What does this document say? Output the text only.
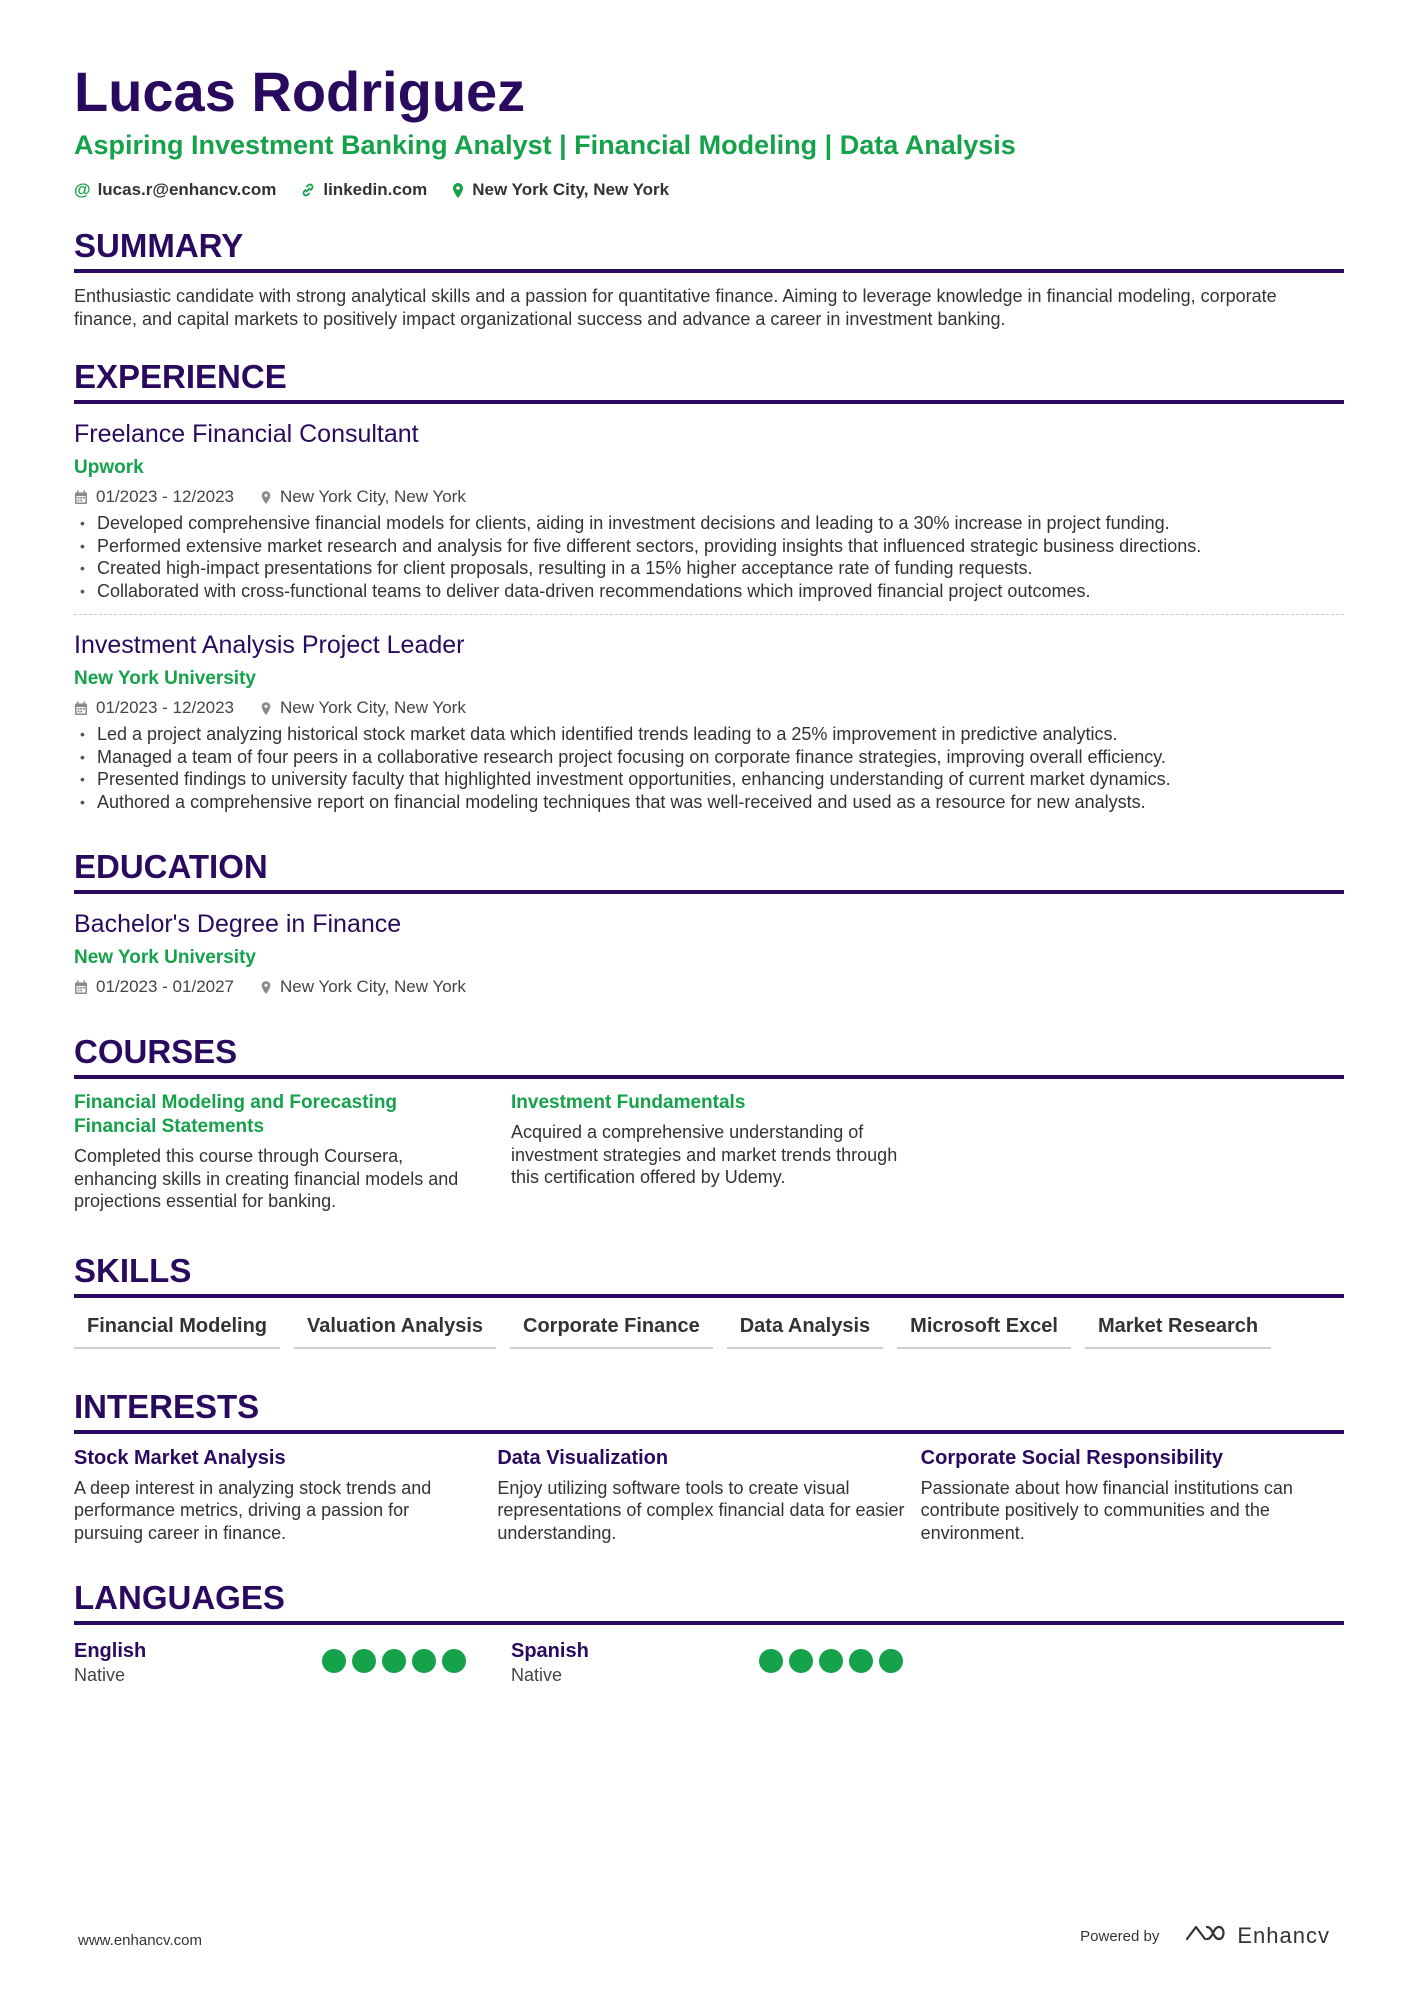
Lucas Rodriguez
Aspiring Investment Banking Analyst | Financial Modeling | Data Analysis
@ lucas.r@enhancv.com	linkedin.com	New York City, New York
SUMMARY
Enthusiastic candidate with strong analytical skills and a passion for quantitative finance. Aiming to leverage knowledge in financial modeling, corporate finance, and capital markets to positively impact organizational success and advance a career in investment banking.
EXPERIENCE
Freelance Financial Consultant
Upwork
01/2023 - 12/2023	New York City, New York
• Developed comprehensive financial models for clients, aiding in investment decisions and leading to a 30% increase in project funding.
• Performed extensive market research and analysis for five different sectors, providing insights that influenced strategic business directions.
• Created high-impact presentations for client proposals, resulting in a 15% higher acceptance rate of funding requests.
• Collaborated with cross-functional teams to deliver data-driven recommendations which improved financial project outcomes.
Investment Analysis Project Leader
New York University
01/2023 - 12/2023	New York City, New York
• Led a project analyzing historical stock market data which identified trends leading to a 25% improvement in predictive analytics.
• Managed a team of four peers in a collaborative research project focusing on corporate finance strategies, improving overall efficiency.
• Presented findings to university faculty that highlighted investment opportunities, enhancing understanding of current market dynamics.
• Authored a comprehensive report on financial modeling techniques that was well-received and used as a resource for new analysts.
EDUCATION
Bachelor's Degree in Finance
New York University
01/2023 - 01/2027	New York City, New York
COURSES
Financial Modeling and Forecasting Financial Statements
Completed this course through Coursera, enhancing skills in creating financial models and projections essential for banking.
Investment Fundamentals
Acquired a comprehensive understanding of investment strategies and market trends through this certification offered by Udemy.
SKILLS
Financial Modeling	Valuation Analysis	Corporate Finance	Data Analysis	Microsoft Excel	Market Research
INTERESTS
Stock Market Analysis
A deep interest in analyzing stock trends and performance metrics, driving a passion for pursuing career in finance.
Data Visualization
Enjoy utilizing software tools to create visual representations of complex financial data for easier understanding.
Corporate Social Responsibility
Passionate about how financial institutions can contribute positively to communities and the environment.
LANGUAGES
English
Native
Spanish
Native
www.enhancv.com	Powered by	Enhancv
